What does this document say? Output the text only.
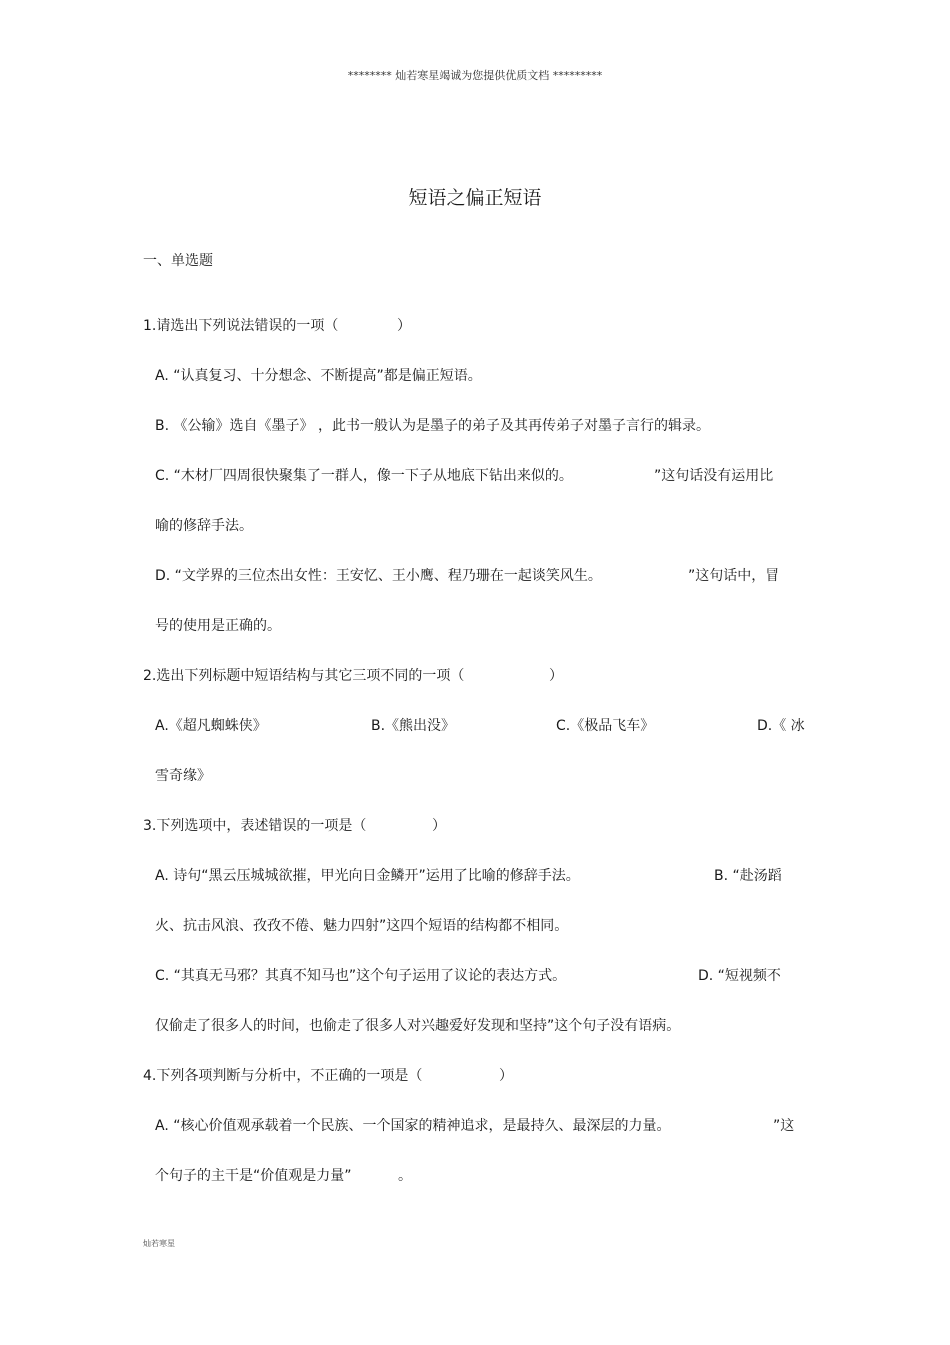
******** 灿若寒星竭诚为您提供优质文档 *********
短语之偏正短语
一、单选题
1.请选出下列说法错误的一项（	）
A. “认真复习、十分想念、不断提高”都是偏正短语。
B. 《公输》选自《墨子》 ，此书一般认为是墨子的弟子及其再传弟子对墨子言行的辑录。
C. “木材厂四周很快聚集了一群人，像一下子从地底下钻出来似的。	”这句话没有运用比
喻的修辞手法。
D. “文学界的三位杰出女性：王安忆、王小鹰、程乃珊在一起谈笑风生。	”这句话中，冒
号的使用是正确的。
2.选出下列标题中短语结构与其它三项不同的一项（	）
A.《超凡蜘蛛侠》	B.《熊出没》	C.《极品飞车》	D.《 冰
雪奇缘》
3.下列选项中，表述错误的一项是（	）
A. 诗句“黑云压城城欲摧，甲光向日金鳞开”运用了比喻的修辞手法。	B. “赴汤蹈
火、抗击风浪、孜孜不倦、魅力四射”这四个短语的结构都不相同。
C. “其真无马邪？其真不知马也”这个句子运用了议论的表达方式。	D. “短视频不
仅偷走了很多人的时间，也偷走了很多人对兴趣爱好发现和坚持”这个句子没有语病。
4.下列各项判断与分析中，不正确的一项是（	）
A. “核心价值观承载着一个民族、一个国家的精神追求，是最持久、最深层的力量。	”这
个句子的主干是“价值观是力量”	。
灿若寒星
